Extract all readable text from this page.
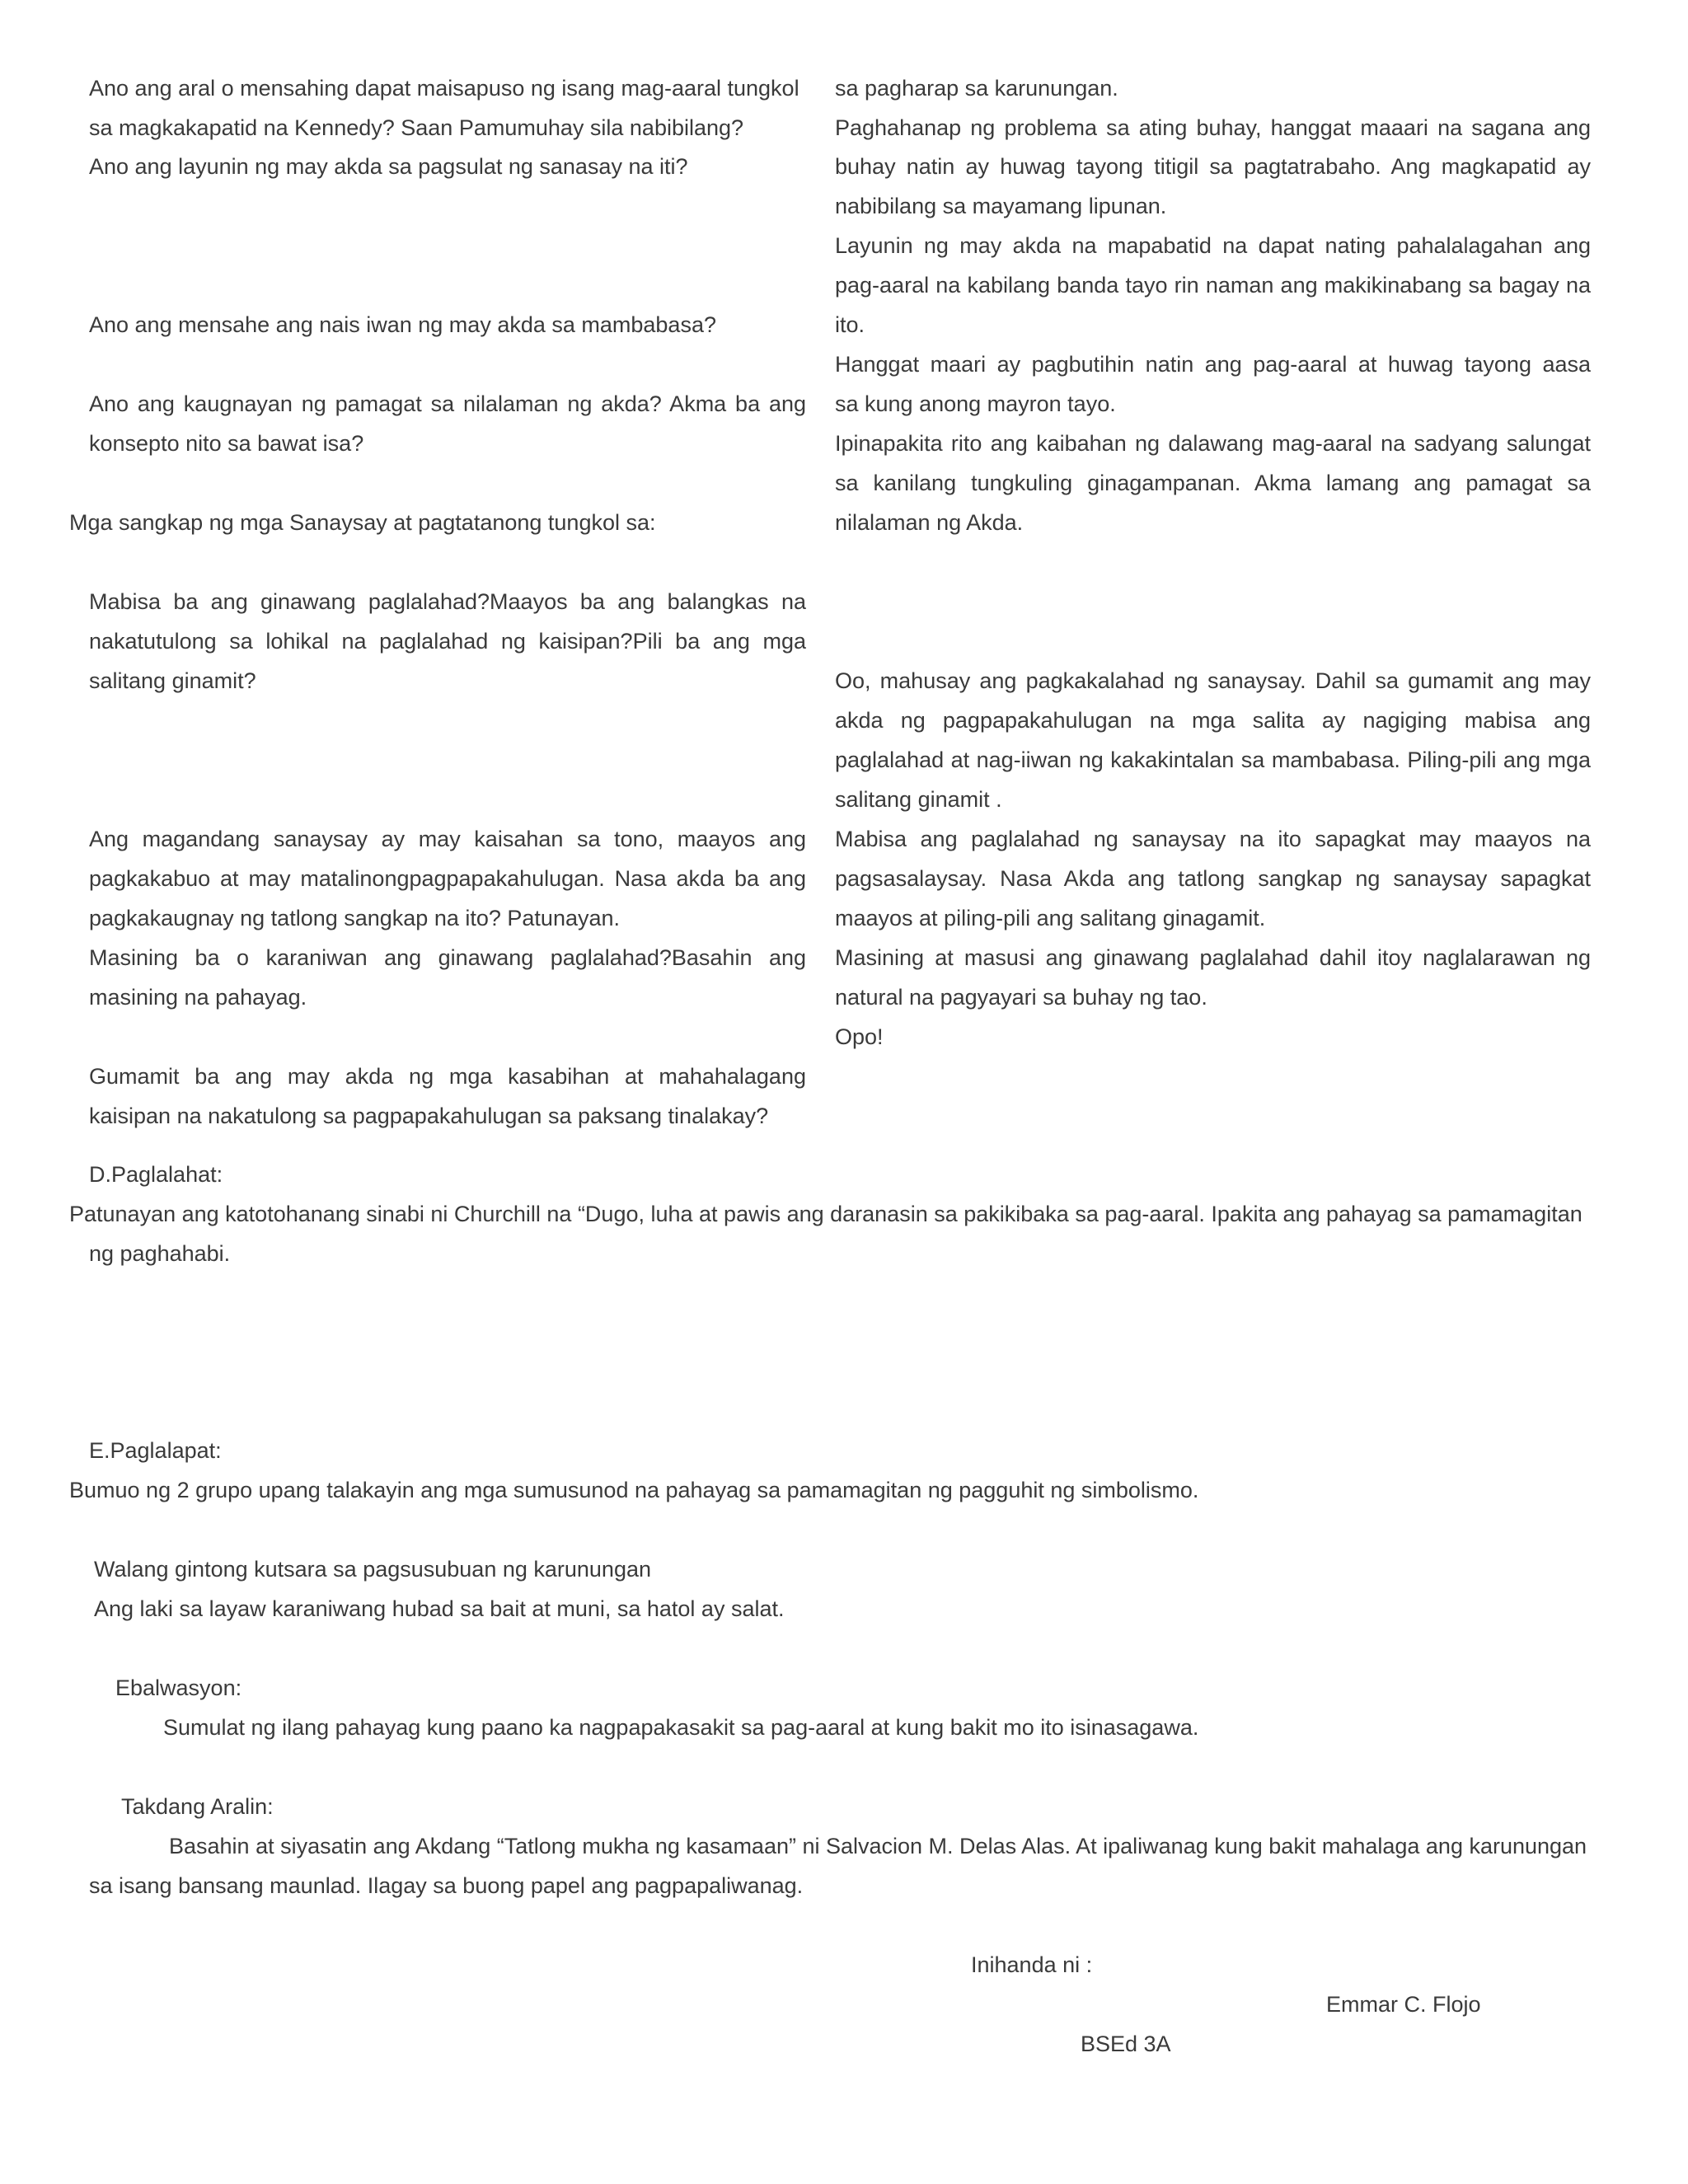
Ano ang aral o mensahing dapat maisapuso ng isang mag-aaral tungkol
sa magkakapatid na Kennedy? Saan Pamumuhay sila nabibilang?
Ano ang layunin ng may akda sa pagsulat ng sanasay na iti?
Ano ang mensahe ang nais iwan ng may akda sa mambabasa?
Ano ang kaugnayan ng pamagat sa nilalaman ng akda? Akma ba ang
konsepto nito sa bawat isa?
Mga sangkap ng mga Sanaysay at pagtatanong tungkol sa:
Mabisa ba ang ginawang paglalahad?Maayos ba ang balangkas na
nakatutulong sa lohikal na paglalahad ng kaisipan?Pili ba ang mga
salitang ginamit?
Ang magandang sanaysay ay may kaisahan sa tono, maayos ang
pagkakabuo at may matalinongpagpapakahulugan. Nasa akda ba ang
pagkakaugnay ng tatlong sangkap na ito? Patunayan.
Masining ba o karaniwan ang ginawang paglalahad?Basahin ang
masining na pahayag.
Gumamit ba ang may akda ng mga kasabihan at mahahalagang
kaisipan na nakatulong sa pagpapakahulugan sa paksang tinalakay?
sa pagharap sa karunungan.
Paghahanap ng problema sa ating buhay, hanggat maaari na sagana ang
buhay natin ay huwag tayong titigil sa pagtatrabaho. Ang magkapatid ay
nabibilang sa mayamang lipunan.
Layunin ng may akda na mapabatid na dapat nating pahalalagahan ang
pag-aaral na kabilang banda tayo rin naman ang makikinabang sa bagay na
ito.
Hanggat maari ay pagbutihin natin ang pag-aaral at huwag tayong aasa
sa kung anong mayron tayo.
Ipinapakita rito ang kaibahan ng dalawang mag-aaral na sadyang salungat
sa kanilang tungkuling ginagampanan. Akma lamang ang pamagat sa
nilalaman ng Akda.
Oo, mahusay ang pagkakalahad ng sanaysay. Dahil sa gumamit ang may
akda ng pagpapakahulugan na mga salita ay nagiging mabisa ang
paglalahad at nag-iiwan ng kakakintalan sa mambabasa. Piling-pili ang mga
salitang ginamit .
Mabisa ang paglalahad ng sanaysay na ito sapagkat may maayos na
pagsasalaysay. Nasa Akda ang tatlong sangkap ng sanaysay sapagkat
maayos at piling-pili ang salitang ginagamit.
Masining at masusi ang ginawang paglalahad dahil itoy naglalarawan ng
natural na pagyayari sa buhay ng tao.
Opo!
D.Paglalahat:
Patunayan ang katotohanang sinabi ni Churchill na “Dugo, luha at pawis ang daranasin sa pakikibaka sa pag-aaral. Ipakita ang pahayag sa pamamagitan
ng paghahabi.
E.Paglalapat:
Bumuo ng 2 grupo upang talakayin ang mga sumusunod na pahayag sa pamamagitan ng pagguhit ng simbolismo.
Walang gintong kutsara sa pagsusubuan ng karunungan
Ang laki sa layaw karaniwang hubad sa bait at muni, sa hatol ay salat.
Ebalwasyon:
Sumulat ng ilang pahayag kung paano ka nagpapakasakit sa pag-aaral at kung bakit mo ito isinasagawa.
Takdang Aralin:
Basahin at siyasatin ang Akdang “Tatlong mukha ng kasamaan” ni Salvacion M. Delas Alas. At ipaliwanag kung bakit mahalaga ang karunungan
sa isang bansang maunlad. Ilagay sa buong papel ang pagpapaliwanag.
Inihanda ni :
Emmar C. Flojo
BSEd 3A
